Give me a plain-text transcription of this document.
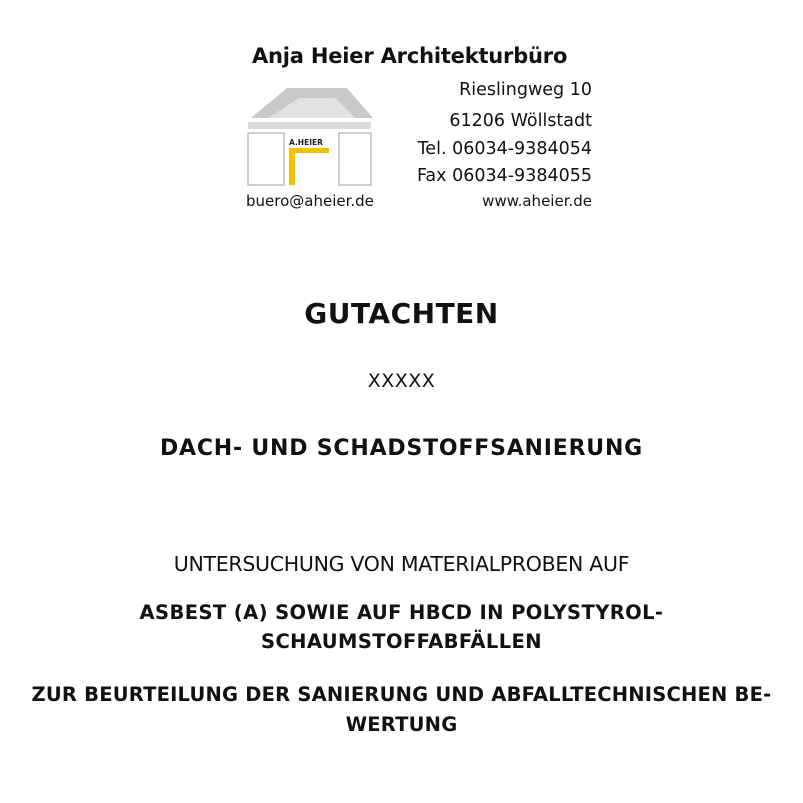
A.HEIER
Anja Heier Architekturbüro
Rieslingweg 10
61206 Wöllstadt
Tel. 06034-9384054
Fax 06034-9384055
buero@aheier.de	www.aheier.de
GUTACHTEN
XXXXX
DACH- UND SCHADSTOFFSANIERUNG
UNTERSUCHUNG VON MATERIALPROBEN AUF
ASBEST (A) SOWIE AUF HBCD IN POLYSTYROL-
SCHAUMSTOFFABFÄLLEN
ZUR BEURTEILUNG DER SANIERUNG UND ABFALLTECHNISCHEN BE-
WERTUNG
